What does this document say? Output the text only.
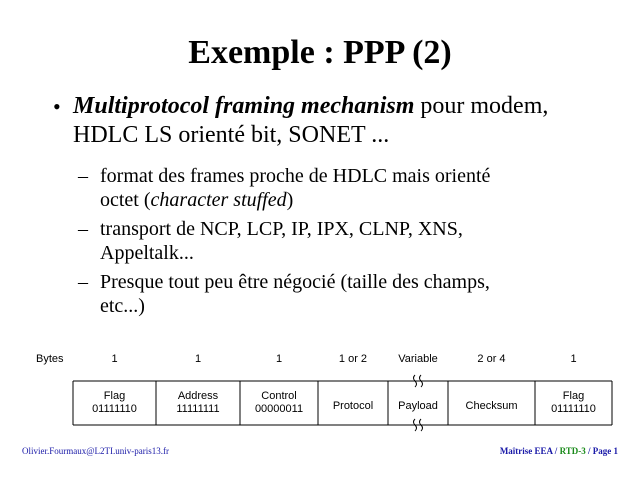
Exemple : PPP (2)
• Multiprotocol framing mechanism pour modem, HDLC LS orienté bit, SONET ...
– format des frames proche de HDLC mais orienté
octet (character stuffed)
– transport de NCP, LCP, IP, IPX, CLNP, XNS,
Appeltalk...
– Presque tout peu être négocié (taille des champs,
etc...)
Bytes	1
Flag
01111110
1
Address
11111111
1
Control
00000011
1 or 2
Protocol
Variable
Payload
2 or 4
Checksum
1
Flag
01111110
Olivier.Fourmaux@L2TI.univ-paris13.fr	Maîtrise EEA / RTD-3 / Page 1
